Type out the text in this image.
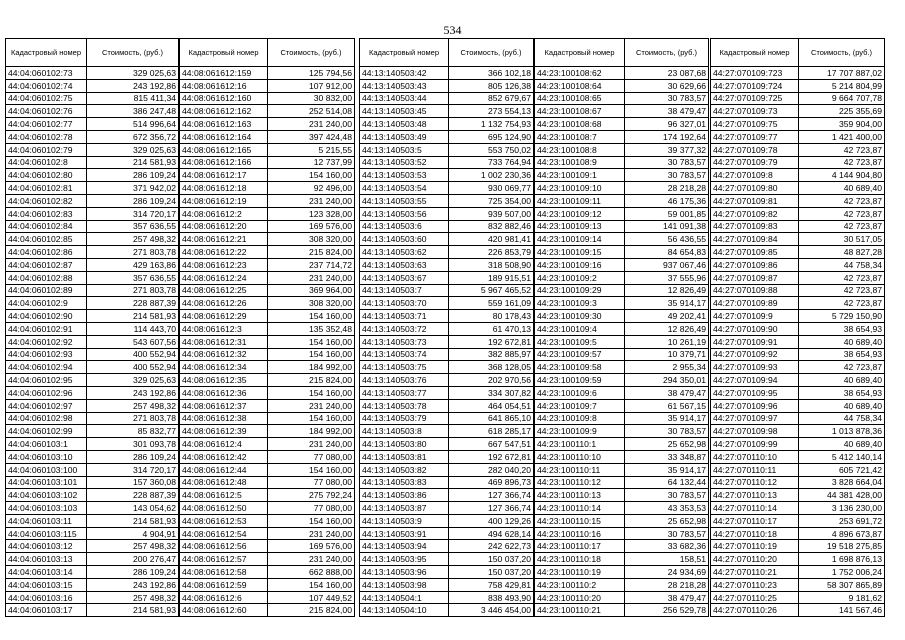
534
Кадастровый номер	Стоимость, (руб.)
44:04:060102:73	329 025,63
44:04:060102:74	243 192,86
44:04:060102:75	815 411,34
44:04:060102:76	386 247,48
44:04:060102:77	514 996,64
44:04:060102:78	672 356,72
44:04:060102:79	329 025,63
44:04:060102:8	214 581,93
44:04:060102:80	286 109,24
44:04:060102:81	371 942,02
44:04:060102:82	286 109,24
44:04:060102:83	314 720,17
44:04:060102:84	357 636,55
44:04:060102:85	257 498,32
44:04:060102:86	271 803,78
44:04:060102:87	429 163,86
44:04:060102:88	357 636,55
44:04:060102:89	271 803,78
44:04:060102:9	228 887,39
44:04:060102:90	214 581,93
44:04:060102:91	114 443,70
44:04:060102:92	543 607,56
44:04:060102:93	400 552,94
44:04:060102:94	400 552,94
44:04:060102:95	329 025,63
44:04:060102:96	243 192,86
44:04:060102:97	257 498,32
44:04:060102:98	271 803,78
44:04:060102:99	85 832,77
44:04:060103:1	301 093,78
44:04:060103:10	286 109,24
44:04:060103:100	314 720,17
44:04:060103:101	157 360,08
44:04:060103:102	228 887,39
44:04:060103:103	143 054,62
44:04:060103:11	214 581,93
44:04:060103:115	4 904,91
44:04:060103:12	257 498,32
44:04:060103:13	200 276,47
44:04:060103:14	286 109,24
44:04:060103:15	243 192,86
44:04:060103:16	257 498,32
44:04:060103:17	214 581,93
Кадастровый номер	Стоимость, (руб.)
44:08:061612:159	125 794,56
44:08:061612:16	107 912,00
44:08:061612:160	30 832,00
44:08:061612:162	252 514,08
44:08:061612:163	231 240,00
44:08:061612:164	397 424,48
44:08:061612:165	5 215,55
44:08:061612:166	12 737,99
44:08:061612:17	154 160,00
44:08:061612:18	92 496,00
44:08:061612:19	231 240,00
44:08:061612:2	123 328,00
44:08:061612:20	169 576,00
44:08:061612:21	308 320,00
44:08:061612:22	215 824,00
44:08:061612:23	237 714,72
44:08:061612:24	231 240,00
44:08:061612:25	369 964,00
44:08:061612:26	308 320,00
44:08:061612:29	154 160,00
44:08:061612:3	135 352,48
44:08:061612:31	154 160,00
44:08:061612:32	154 160,00
44:08:061612:34	184 992,00
44:08:061612:35	215 824,00
44:08:061612:36	154 160,00
44:08:061612:37	231 240,00
44:08:061612:38	154 160,00
44:08:061612:39	184 992,00
44:08:061612:4	231 240,00
44:08:061612:42	77 080,00
44:08:061612:44	154 160,00
44:08:061612:48	77 080,00
44:08:061612:5	275 792,24
44:08:061612:50	77 080,00
44:08:061612:53	154 160,00
44:08:061612:54	231 240,00
44:08:061612:56	169 576,00
44:08:061612:57	231 240,00
44:08:061612:58	662 888,00
44:08:061612:59	154 160,00
44:08:061612:6	107 449,52
44:08:061612:60	215 824,00
Кадастровый номер	Стоимость, (руб.)
44:13:140503:42	366 102,18
44:13:140503:43	805 126,38
44:13:140503:44	852 679,67
44:13:140503:45	273 554,13
44:13:140503:48	1 132 754,93
44:13:140503:49	695 124,90
44:13:140503:5	553 750,02
44:13:140503:52	733 764,94
44:13:140503:53	1 002 230,36
44:13:140503:54	930 069,77
44:13:140503:55	725 354,00
44:13:140503:56	939 507,00
44:13:140503:6	832 882,46
44:13:140503:60	420 981,41
44:13:140503:62	226 853,79
44:13:140503:63	318 508,90
44:13:140503:67	189 915,51
44:13:140503:7	5 967 465,52
44:13:140503:70	559 161,09
44:13:140503:71	80 178,43
44:13:140503:72	61 470,13
44:13:140503:73	192 672,81
44:13:140503:74	382 885,97
44:13:140503:75	368 128,05
44:13:140503:76	202 970,56
44:13:140503:77	334 307,82
44:13:140503:78	464 054,51
44:13:140503:79	641 865,10
44:13:140503:8	618 285,17
44:13:140503:80	667 547,51
44:13:140503:81	192 672,81
44:13:140503:82	282 040,20
44:13:140503:83	469 896,73
44:13:140503:86	127 366,74
44:13:140503:87	127 366,74
44:13:140503:9	400 129,26
44:13:140503:91	494 628,14
44:13:140503:94	242 622,73
44:13:140503:95	150 037,20
44:13:140503:96	150 037,20
44:13:140503:98	758 429,81
44:13:140504:1	838 493,90
44:13:140504:10	3 446 454,00
Кадастровый номер	Стоимость, (руб.)
44:23:100108:62	23 087,68
44:23:100108:64	30 629,66
44:23:100108:65	30 783,57
44:23:100108:67	38 479,47
44:23:100108:68	96 327,01
44:23:100108:7	174 192,64
44:23:100108:8	39 377,32
44:23:100108:9	30 783,57
44:23:100109:1	30 783,57
44:23:100109:10	28 218,28
44:23:100109:11	46 175,36
44:23:100109:12	59 001,85
44:23:100109:13	141 091,38
44:23:100109:14	56 436,55
44:23:100109:15	84 654,83
44:23:100109:16	937 067,46
44:23:100109:2	37 555,96
44:23:100109:29	12 826,49
44:23:100109:3	35 914,17
44:23:100109:30	49 202,41
44:23:100109:4	12 826,49
44:23:100109:5	10 261,19
44:23:100109:57	10 379,71
44:23:100109:58	2 955,34
44:23:100109:59	294 350,01
44:23:100109:6	38 479,47
44:23:100109:7	61 567,15
44:23:100109:8	35 914,17
44:23:100109:9	30 783,57
44:23:100110:1	25 652,98
44:23:100110:10	33 348,87
44:23:100110:11	35 914,17
44:23:100110:12	64 132,44
44:23:100110:13	30 783,57
44:23:100110:14	43 353,53
44:23:100110:15	25 652,98
44:23:100110:16	30 783,57
44:23:100110:17	33 682,36
44:23:100110:18	158,51
44:23:100110:19	24 934,69
44:23:100110:2	28 218,28
44:23:100110:20	38 479,47
44:23:100110:21	256 529,78
Кадастровый номер	Стоимость, (руб.)
44:27:070109:723	17 707 887,02
44:27:070109:724	5 214 804,99
44:27:070109:725	9 664 707,78
44:27:070109:73	225 355,69
44:27:070109:75	359 904,00
44:27:070109:77	1 421 400,00
44:27:070109:78	42 723,87
44:27:070109:79	42 723,87
44:27:070109:8	4 144 904,80
44:27:070109:80	40 689,40
44:27:070109:81	42 723,87
44:27:070109:82	42 723,87
44:27:070109:83	42 723,87
44:27:070109:84	30 517,05
44:27:070109:85	48 827,28
44:27:070109:86	44 758,34
44:27:070109:87	42 723,87
44:27:070109:88	42 723,87
44:27:070109:89	42 723,87
44:27:070109:9	5 729 150,90
44:27:070109:90	38 654,93
44:27:070109:91	40 689,40
44:27:070109:92	38 654,93
44:27:070109:93	42 723,87
44:27:070109:94	40 689,40
44:27:070109:95	38 654,93
44:27:070109:96	40 689,40
44:27:070109:97	44 758,34
44:27:070109:98	1 013 878,36
44:27:070109:99	40 689,40
44:27:070110:10	5 412 140,14
44:27:070110:11	605 721,42
44:27:070110:12	3 828 664,04
44:27:070110:13	44 381 428,00
44:27:070110:14	3 136 230,00
44:27:070110:17	253 691,72
44:27:070110:18	4 896 673,87
44:27:070110:19	19 518 275,85
44:27:070110:20	1 698 876,13
44:27:070110:21	1 752 006,24
44:27:070110:23	58 307 865,89
44:27:070110:25	9 181,62
44:27:070110:26	141 567,46
